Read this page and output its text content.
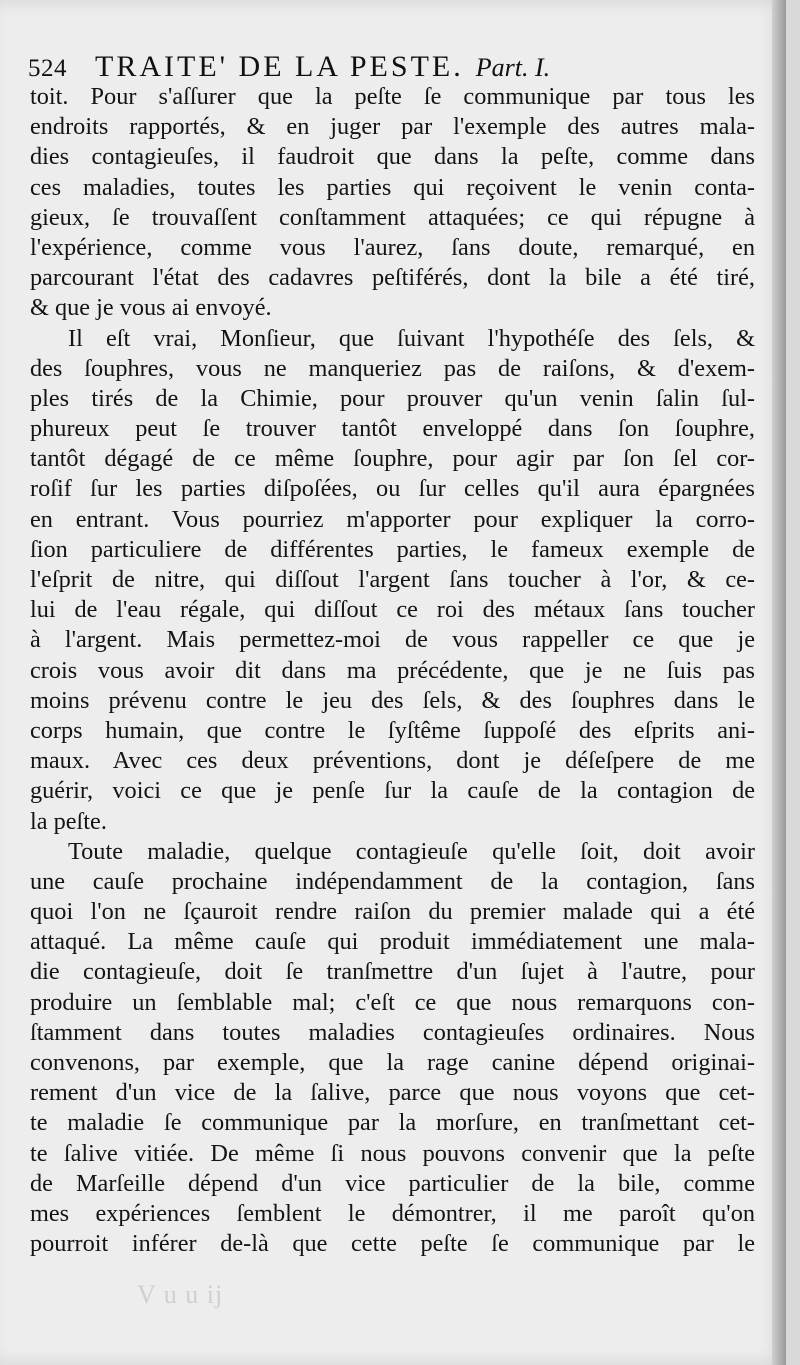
524 TRAITE' DE LA PESTE. Part. I.
toit. Pour s'aſſurer que la peſte ſe communique par tous les
endroits rapportés, & en juger par l'exemple des autres mala-
dies contagieuſes, il faudroit que dans la peſte, comme dans
ces maladies, toutes les parties qui reçoivent le venin conta-
gieux, ſe trouvaſſent conſtamment attaquées; ce qui répugne à
l'expérience, comme vous l'aurez, ſans doute, remarqué, en
parcourant l'état des cadavres peſtiférés, dont la bile a été tiré,
& que je vous ai envoyé.
Il eſt vrai, Monſieur, que ſuivant l'hypothéſe des ſels, &
des ſouphres, vous ne manqueriez pas de raiſons, & d'exem-
ples tirés de la Chimie, pour prouver qu'un venin ſalin ſul-
phureux peut ſe trouver tantôt enveloppé dans ſon ſouphre,
tantôt dégagé de ce même ſouphre, pour agir par ſon ſel cor-
roſif ſur les parties diſpoſées, ou ſur celles qu'il aura épargnées
en entrant. Vous pourriez m'apporter pour expliquer la corro-
ſion particuliere de différentes parties, le fameux exemple de
l'eſprit de nitre, qui diſſout l'argent ſans toucher à l'or, & ce-
lui de l'eau régale, qui diſſout ce roi des métaux ſans toucher
à l'argent. Mais permettez-moi de vous rappeller ce que je
crois vous avoir dit dans ma précédente, que je ne ſuis pas
moins prévenu contre le jeu des ſels, & des ſouphres dans le
corps humain, que contre le ſyſtême ſuppoſé des eſprits ani-
maux. Avec ces deux préventions, dont je déſeſpere de me
guérir, voici ce que je penſe ſur la cauſe de la contagion de
la peſte.
Toute maladie, quelque contagieuſe qu'elle ſoit, doit avoir
une cauſe prochaine indépendamment de la contagion, ſans
quoi l'on ne ſçauroit rendre raiſon du premier malade qui a été
attaqué. La même cauſe qui produit immédiatement une mala-
die contagieuſe, doit ſe tranſmettre d'un ſujet à l'autre, pour
produire un ſemblable mal; c'eſt ce que nous remarquons con-
ſtamment dans toutes maladies contagieuſes ordinaires. Nous
convenons, par exemple, que la rage canine dépend originai-
rement d'un vice de la ſalive, parce que nous voyons que cet-
te maladie ſe communique par la morſure, en tranſmettant cet-
te ſalive vitiée. De même ſi nous pouvons convenir que la peſte
de Marſeille dépend d'un vice particulier de la bile, comme
mes expériences ſemblent le démontrer, il me paroît qu'on
pourroit inférer de-là que cette peſte ſe communique par le
V u u ij
